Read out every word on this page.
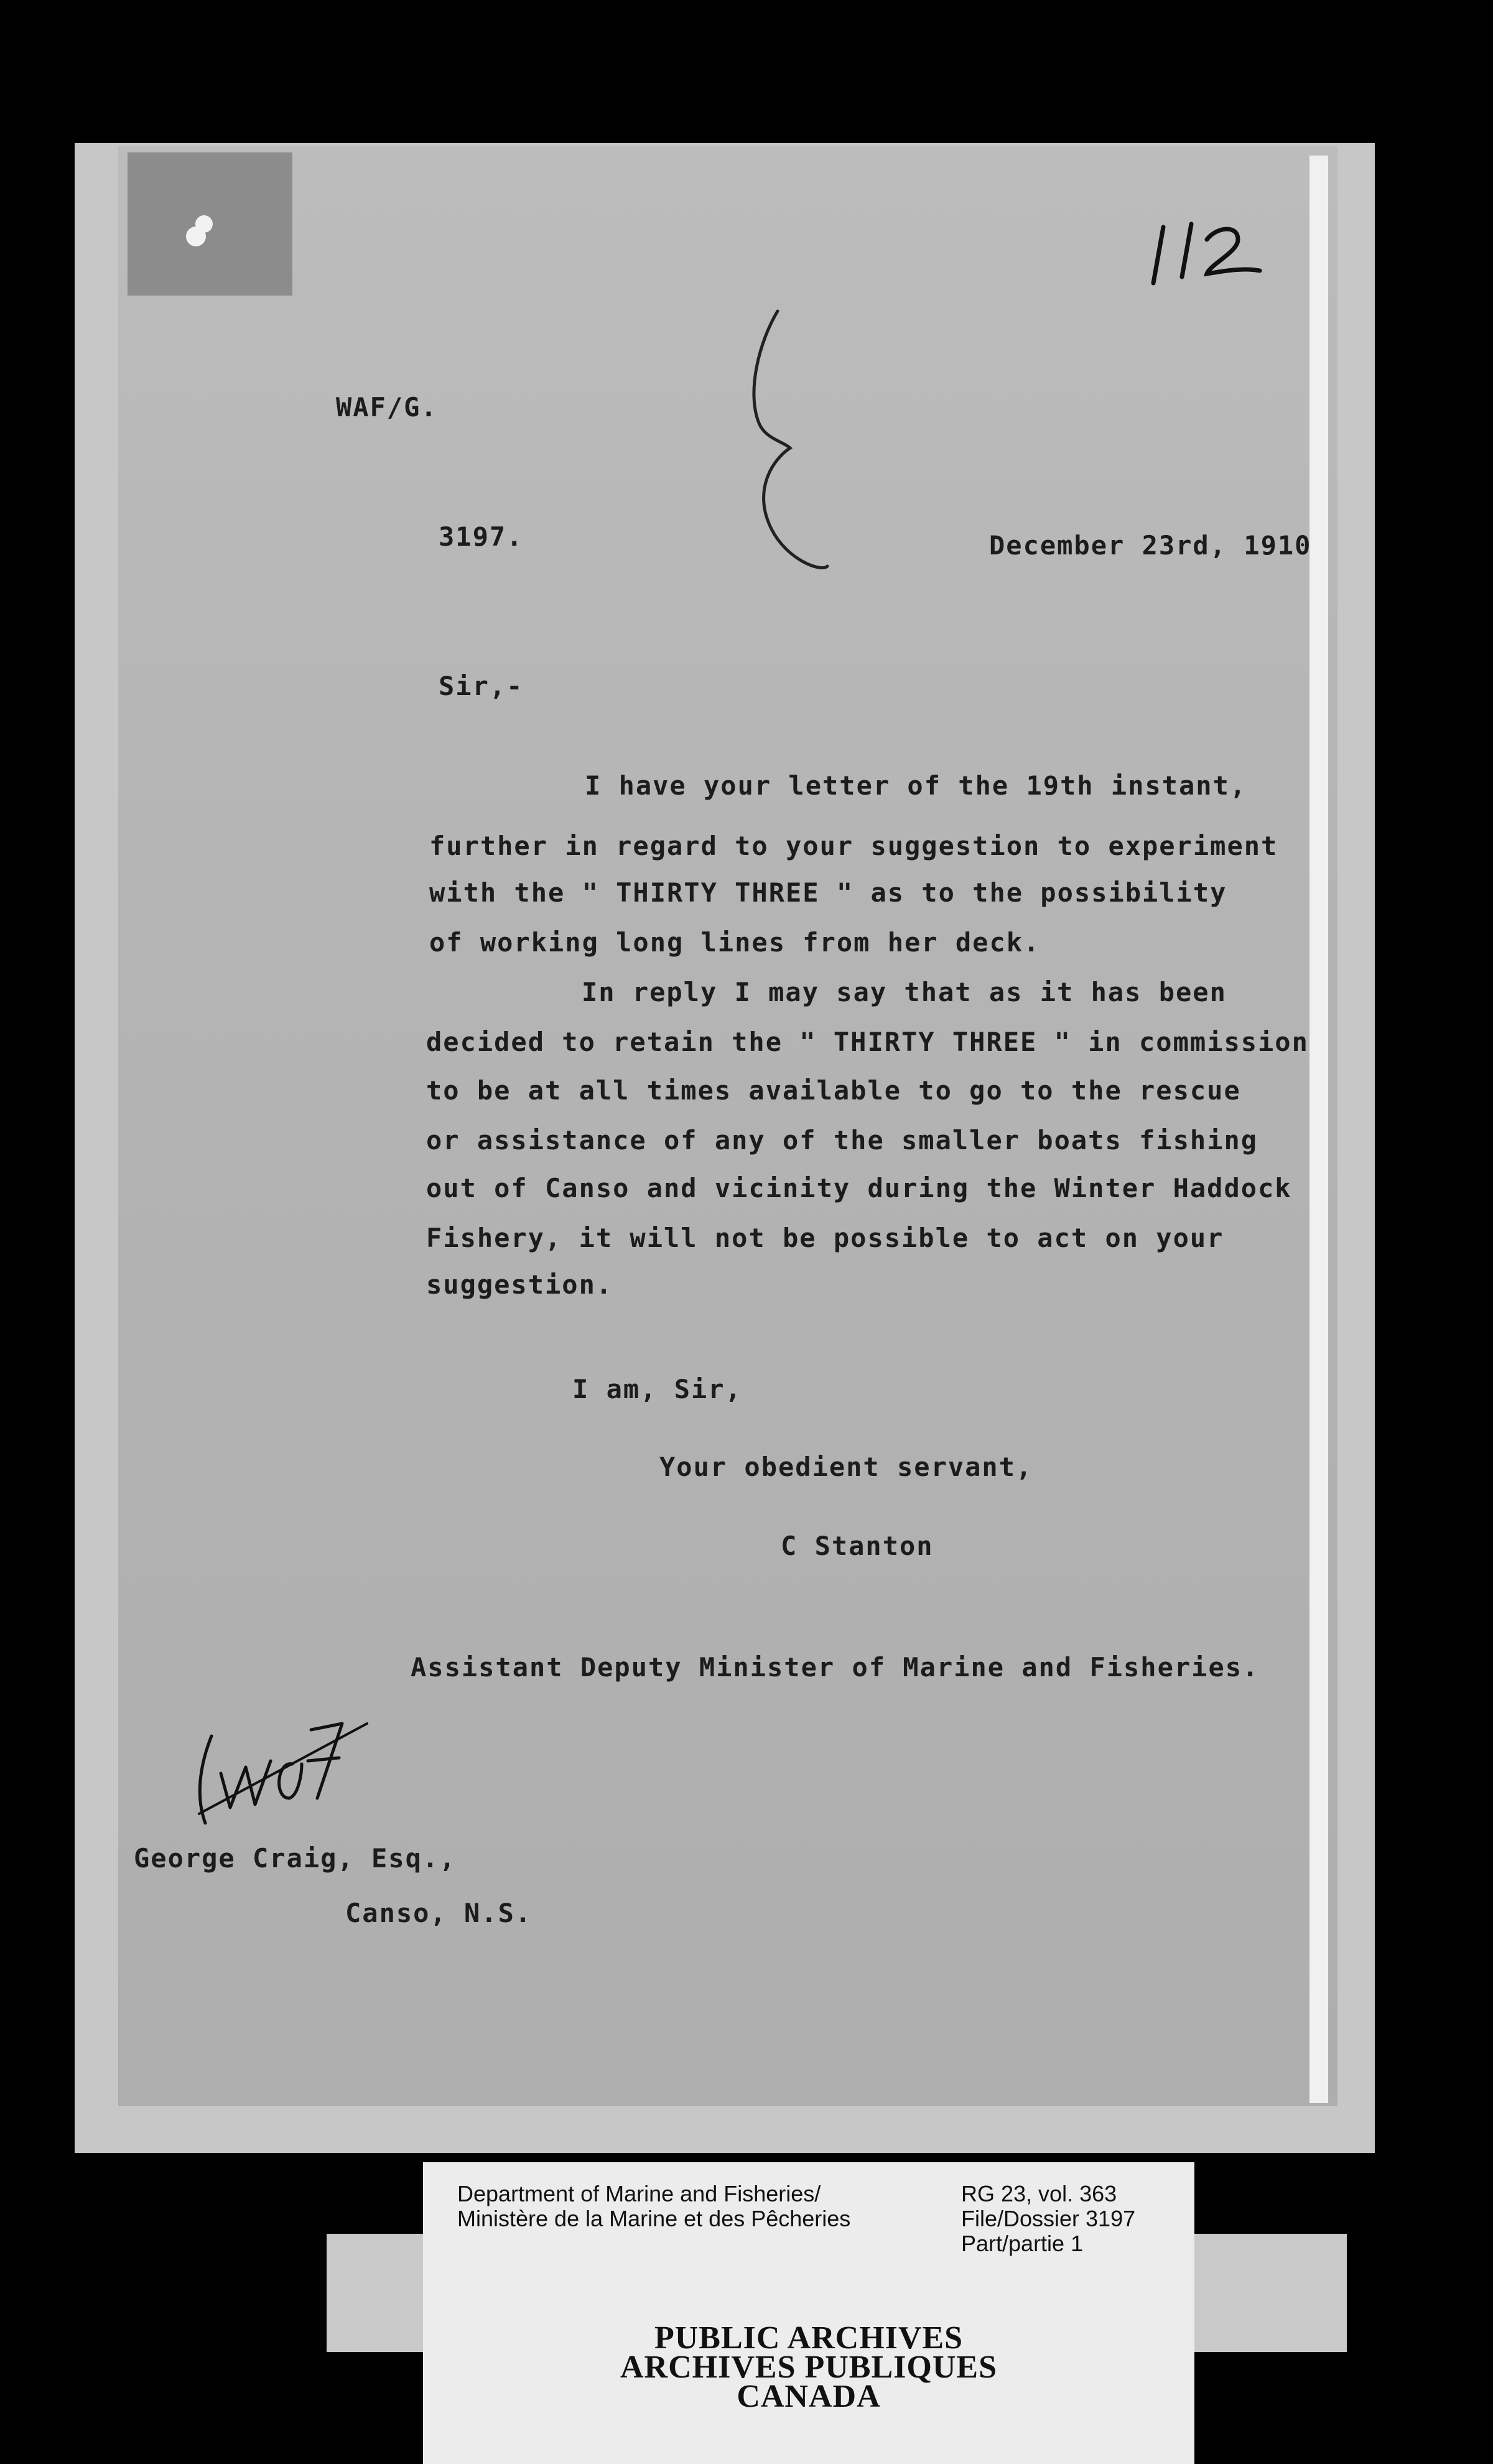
WAF/G.
3197.	December 23rd, 1910
Sir,-
I have your letter of the 19th instant,
further in regard to your suggestion to experiment
with the " THIRTY THREE " as to the possibility
of working long lines from her deck.
In reply I may say that as it has been
decided to retain the " THIRTY THREE " in commission
to be at all times available to go to the rescue
or assistance of any of the smaller boats fishing
out of Canso and vicinity during the Winter Haddock
Fishery, it will not be possible to act on your
suggestion.
I am, Sir,
Your obedient servant,
C Stanton
Assistant Deputy Minister of Marine and Fisheries.
George Craig, Esq.,
Canso, N.S.
Department of Marine and Fisheries/
Ministère de la Marine et des Pêcheries
RG 23, vol. 363
File/Dossier 3197
Part/partie 1
PUBLIC ARCHIVES
ARCHIVES PUBLIQUES
CANADA
